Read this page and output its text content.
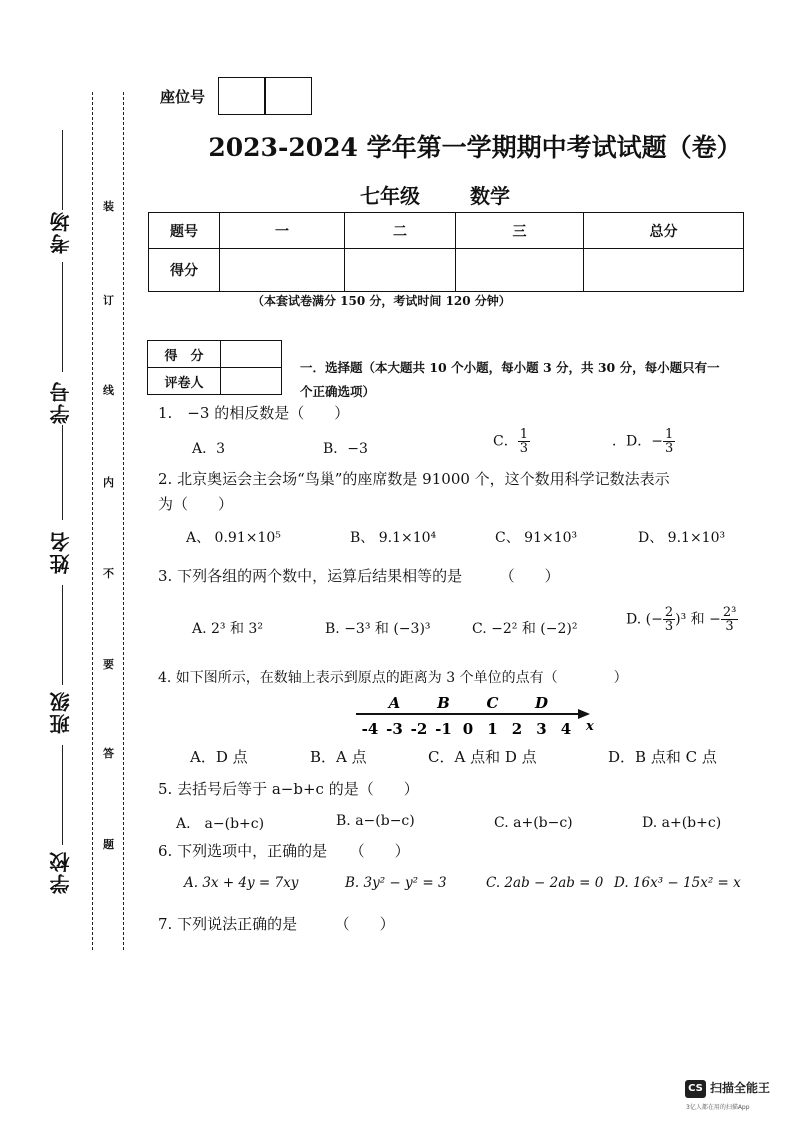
考场
学号
姓名
班级
学校
装
订
线
内
不
要
答
题
座位号
2023-2024 学年第一学期期中考试试题（卷）
七年级	数学
题号	一	二	三	总分
得分				
（本套试卷满分 150 分，考试时间 120 分钟）
得　分	
评卷人	
一．选择题（本大题共 10 个小题，每小题 3 分，共 30 分，每小题只有一
个正确选项）
1.　−3 的相反数是（　　）
A．3	B．−3	C． $\frac{1}{3}$	．D．− $\frac{1}{3}$
2. 北京奥运会主会场“鸟巢”的座席数是 91000 个，这个数用科学记数法表示
为（　　）
A、 0.91×10⁵	B、 9.1×10⁴	C、 91×10³	D、 9.1×10³
3. 下列各组的两个数中，运算后结果相等的是　　　（　　）
A. 2³ 和 3²	B. −3³ 和 (−3)³	C. −2² 和 (−2)²
D. (− $\frac{2}{3} )^3$ 和 − $\frac{\text{2³}}{3}$
4. 如下图所示，在数轴上表示到原点的距离为 3 个单位的点有（　　　　）
-4 -3 -2 -1 0 1 2 3 4
A B C D
x
A．D 点	B．A 点	C．A 点和 D 点	D．B 点和 C 点
5. 去括号后等于 a−b+c 的是（　　）
A.　a−(b+c)	B. a−(b−c)	C. a+(b−c)	D. a+(b+c)
6. 下列选项中，正确的是　　（　　）
A. 3x + 4y = 7xy	B. 3y² − y² = 3	C. 2ab − 2ab = 0 D. 16x³ − 15x² = x
7. 下列说法正确的是　　　（　　）
CS 扫描全能王
3亿人都在用的扫描App
